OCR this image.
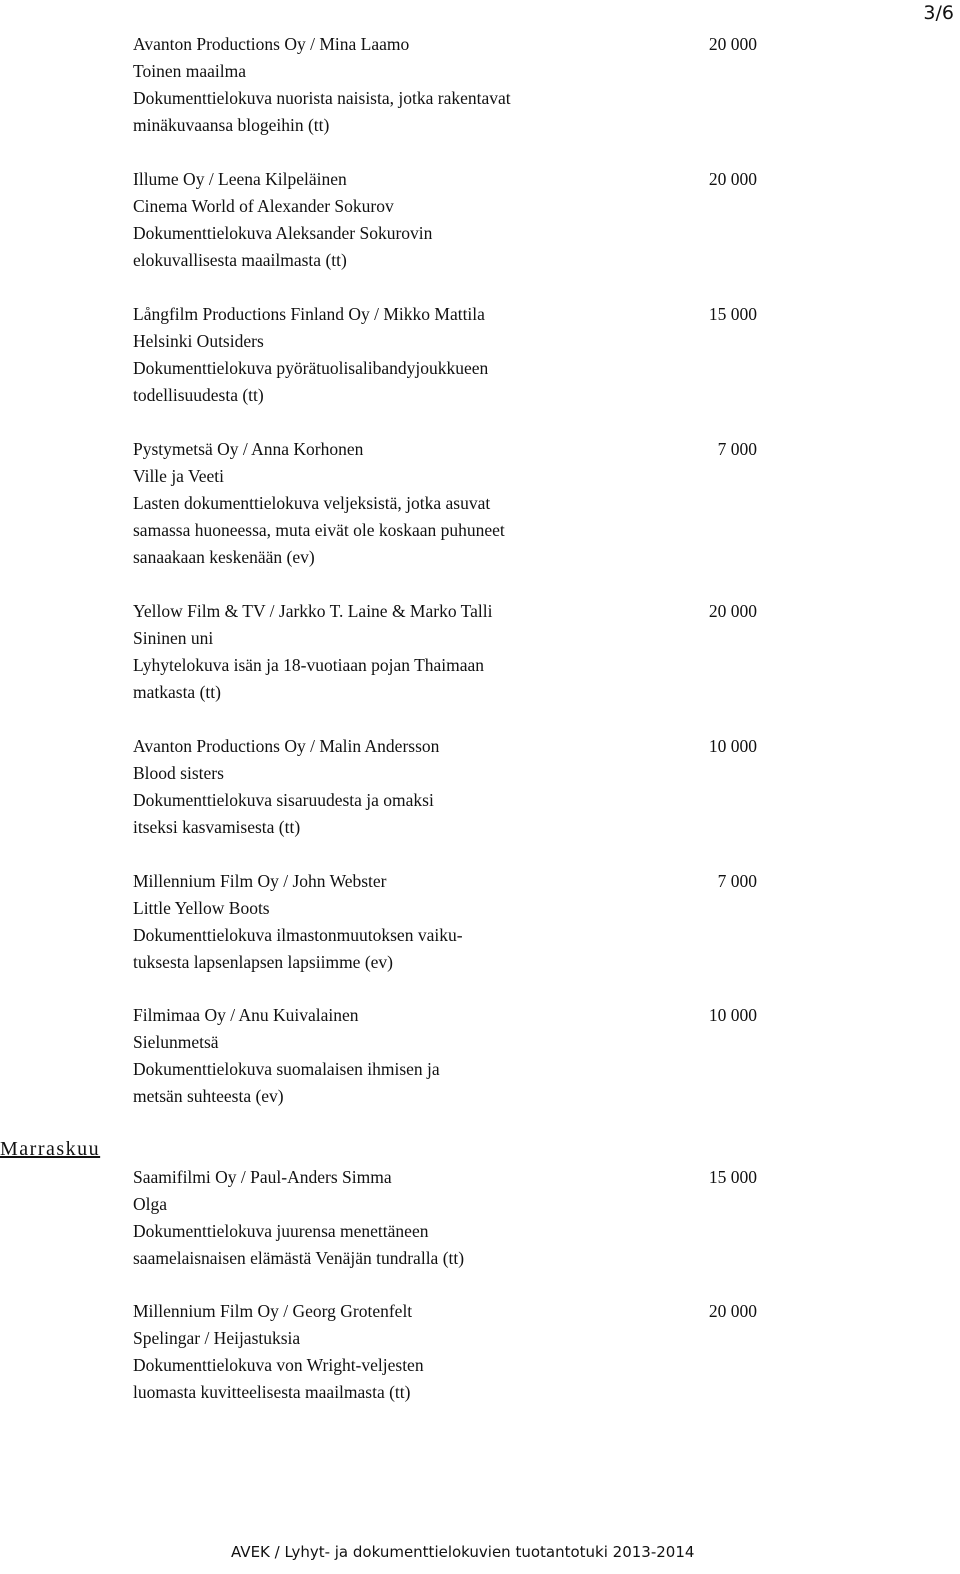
3/6
Avanton Productions Oy / Mina Laamo	20 000
Toinen maailma
Dokumenttielokuva nuorista naisista, jotka rakentavat
minäkuvaansa blogeihin (tt)
Illume Oy / Leena Kilpeläinen	20 000
Cinema World of Alexander Sokurov
Dokumenttielokuva Aleksander Sokurovin
elokuvallisesta maailmasta (tt)
Långfilm Productions Finland Oy / Mikko Mattila	15 000
Helsinki Outsiders
Dokumenttielokuva pyörätuolisalibandyjoukkueen
todellisuudesta (tt)
Pystymetsä Oy / Anna Korhonen	7 000
Ville ja Veeti
Lasten dokumenttielokuva veljeksistä, jotka asuvat
samassa huoneessa, muta eivät ole koskaan puhuneet
sanaakaan keskenään (ev)
Yellow Film & TV / Jarkko T. Laine & Marko Talli	20 000
Sininen uni
Lyhytelokuva isän ja 18-vuotiaan pojan Thaimaan
matkasta (tt)
Avanton Productions Oy / Malin Andersson	10 000
Blood sisters
Dokumenttielokuva sisaruudesta ja omaksi
itseksi kasvamisesta (tt)
Millennium Film Oy / John Webster	7 000
Little Yellow Boots
Dokumenttielokuva ilmastonmuutoksen vaiku-
tuksesta lapsenlapsen lapsiimme (ev)
Filmimaa Oy / Anu Kuivalainen	10 000
Sielunmetsä
Dokumenttielokuva suomalaisen ihmisen ja
metsän suhteesta (ev)
Marraskuu
Saamifilmi Oy / Paul-Anders Simma	15 000
Olga
Dokumenttielokuva juurensa menettäneen
saamelaisnaisen elämästä Venäjän tundralla (tt)
Millennium Film Oy / Georg Grotenfelt	20 000
Spelingar / Heijastuksia
Dokumenttielokuva von Wright-veljesten
luomasta kuvitteelisesta maailmasta (tt)
AVEK / Lyhyt- ja dokumenttielokuvien tuotantotuki 2013-2014
